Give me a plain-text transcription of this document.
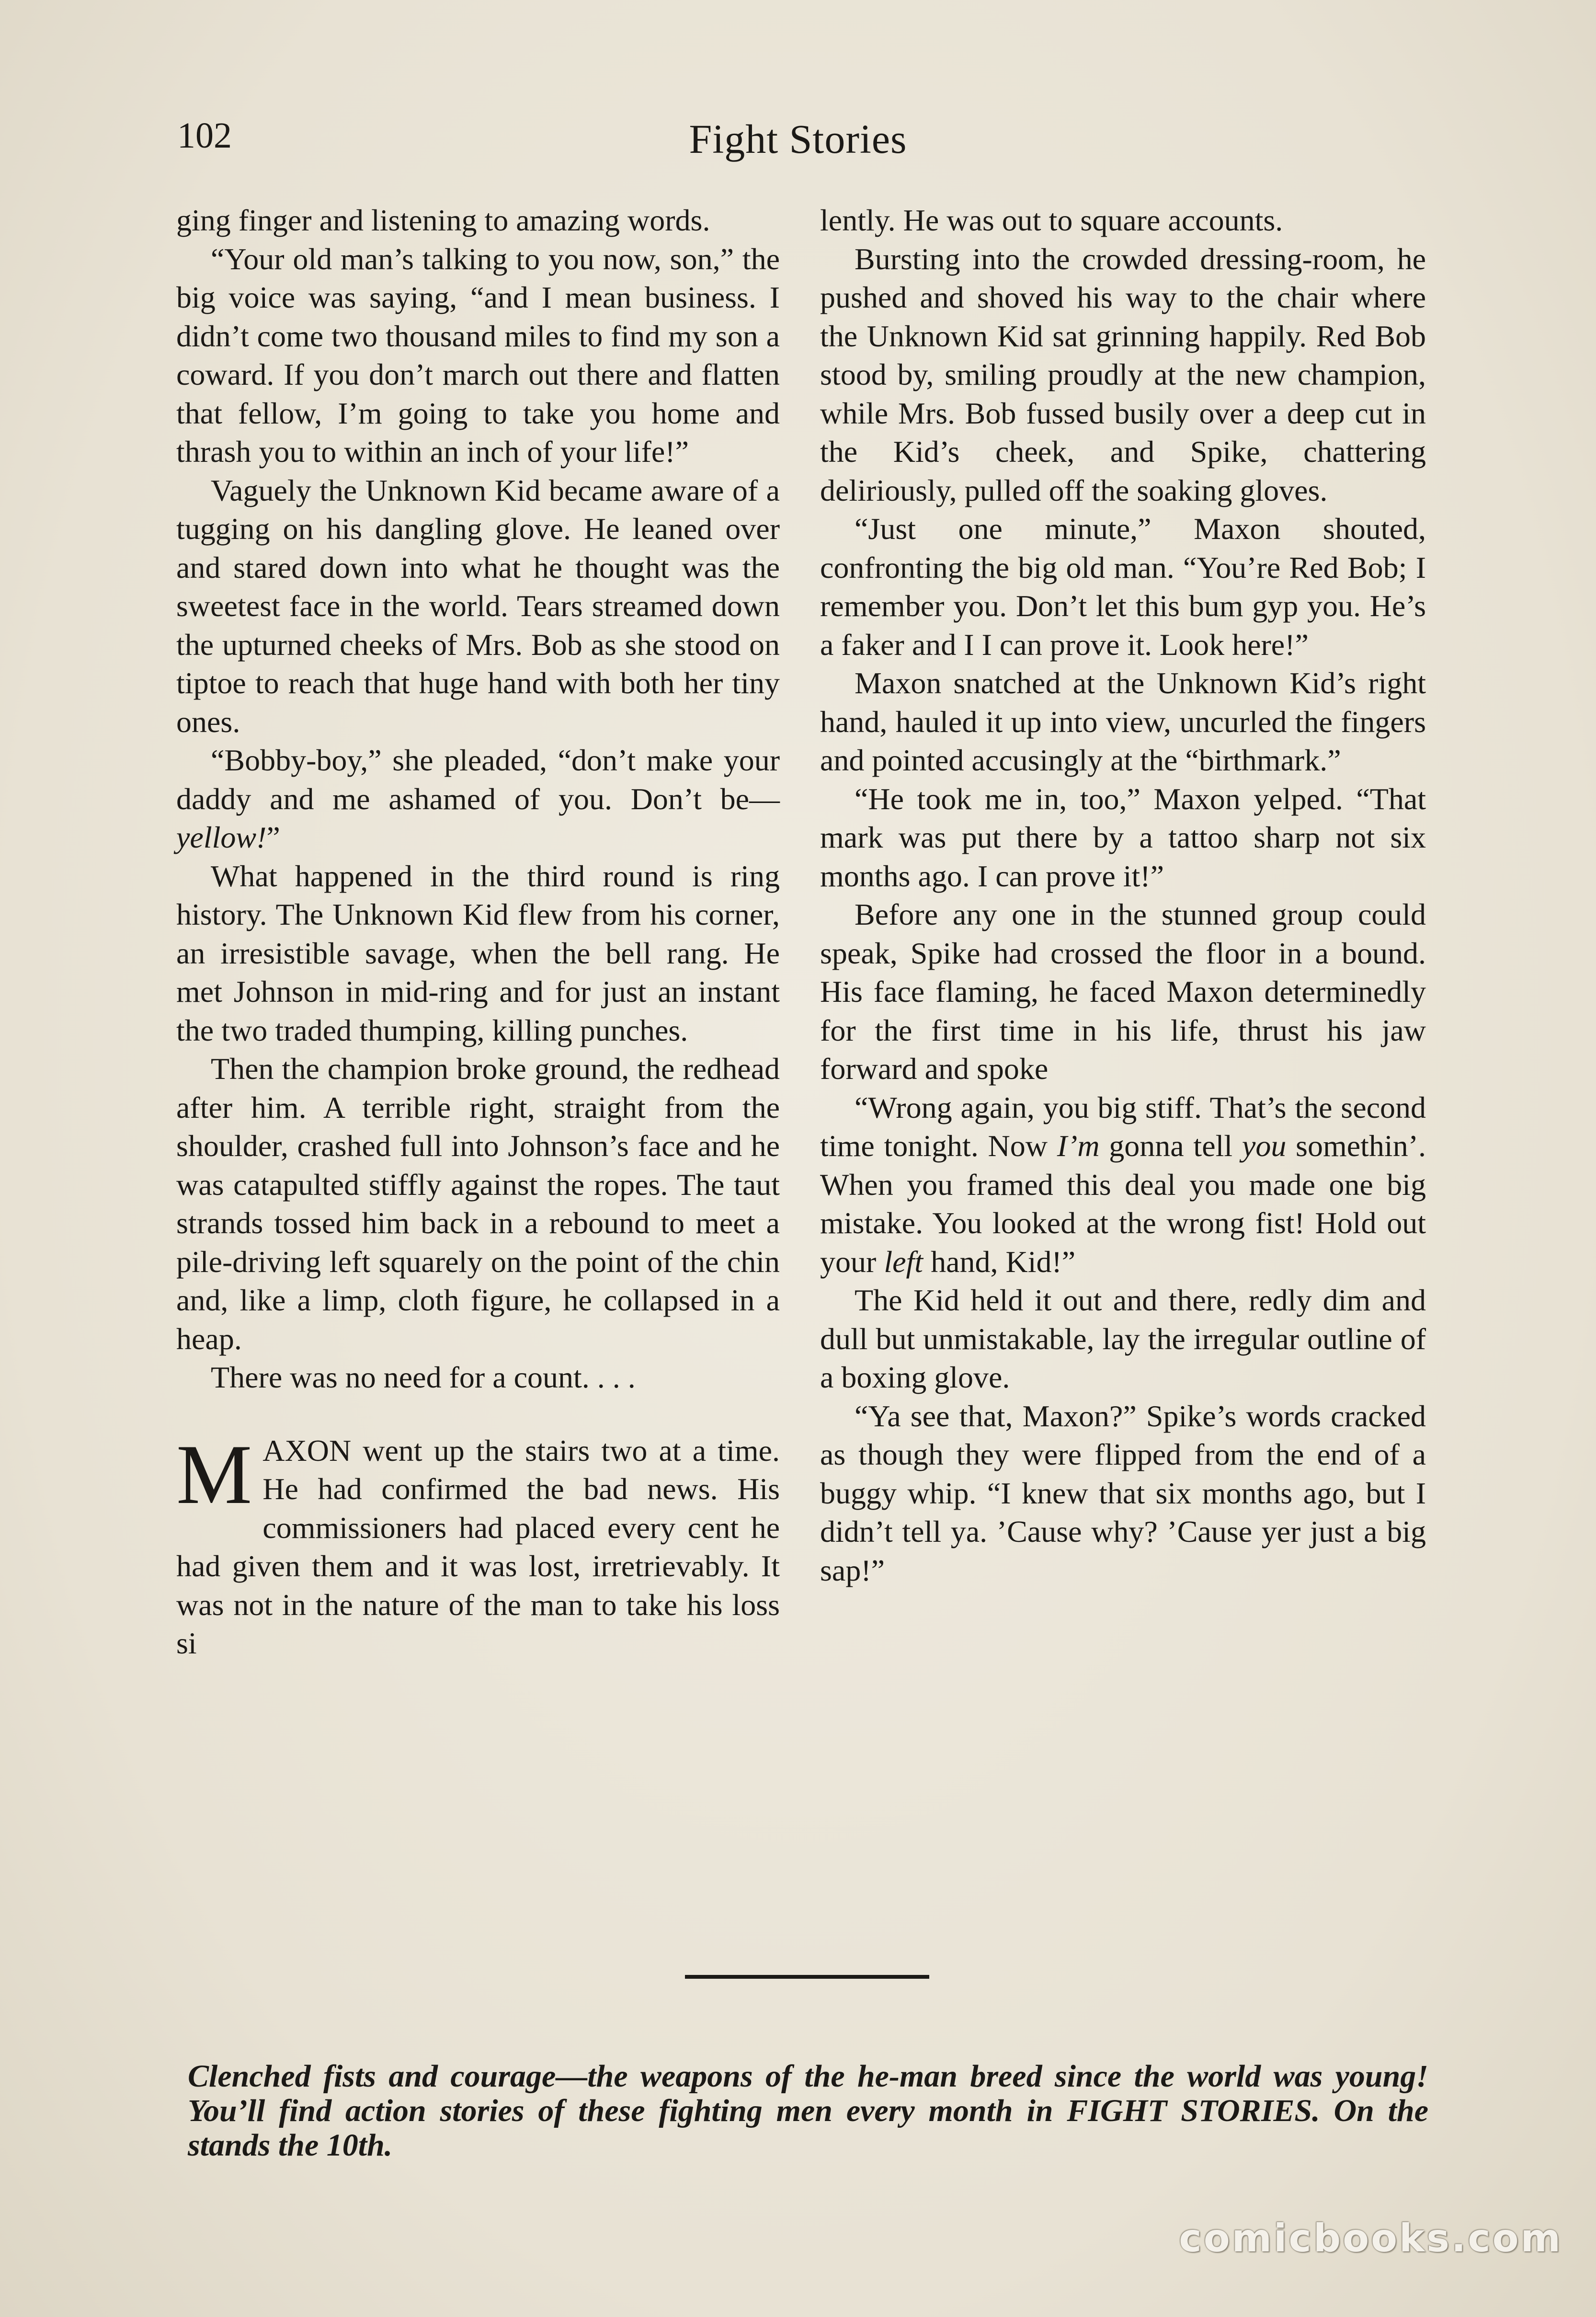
102	Fight Stories

ging finger and listening to amazing words.

“Your old man’s talking to you now, son,” the big voice was saying, “and I mean business. I didn’t come two thousand miles to find my son a coward. If you don’t march out there and flatten that fellow, I’m going to take you home and thrash you to within an inch of your life!”

Vaguely the Unknown Kid became aware of a tugging on his dangling glove. He leaned over and stared down into what he thought was the sweetest face in the world. Tears streamed down the upturned cheeks of Mrs. Bob as she stood on tiptoe to reach that huge hand with both her tiny ones.

“Bobby-boy,” she pleaded, “don’t make your daddy and me ashamed of you. Don’t be—yellow!”

What happened in the third round is ring history. The Unknown Kid flew from his corner, an irresistible savage, when the bell rang. He met Johnson in mid-ring and for just an instant the two traded thumping, killing punches.

Then the champion broke ground, the redhead after him. A terrible right, straight from the shoulder, crashed full into Johnson’s face and he was catapulted stiffly against the ropes. The taut strands tossed him back in a rebound to meet a pile-driving left squarely on the point of the chin and, like a limp, cloth figure, he collapsed in a heap.

There was no need for a count. . . .

MAXON went up the stairs two at a time. He had confirmed the bad news. His commissioners had placed every cent he had given them and it was lost, irretrievably. It was not in the nature of the man to take his loss si

lently. He was out to square accounts.

Bursting into the crowded dressing-room, he pushed and shoved his way to the chair where the Unknown Kid sat grinning happily. Red Bob stood by, smiling proudly at the new champion, while Mrs. Bob fussed busily over a deep cut in the Kid’s cheek, and Spike, chattering deliriously, pulled off the soaking gloves.

“Just one minute,” Maxon shouted, confronting the big old man. “You’re Red Bob; I remember you. Don’t let this bum gyp you. He’s a faker and I I can prove it. Look here!”

Maxon snatched at the Unknown Kid’s right hand, hauled it up into view, uncurled the fingers and pointed accusingly at the “birthmark.”

“He took me in, too,” Maxon yelped. “That mark was put there by a tattoo sharp not six months ago. I can prove it!”

Before any one in the stunned group could speak, Spike had crossed the floor in a bound. His face flaming, he faced Maxon determinedly for the first time in his life, thrust his jaw forward and spoke

“Wrong again, you big stiff. That’s the second time tonight. Now I’m gonna tell you somethin’. When you framed this deal you made one big mistake. You looked at the wrong fist! Hold out your left hand, Kid!”

The Kid held it out and there, redly dim and dull but unmistakable, lay the irregular outline of a boxing glove.

“Ya see that, Maxon?” Spike’s words cracked as though they were flipped from the end of a buggy whip. “I knew that six months ago, but I didn’t tell ya. ’Cause why? ’Cause yer just a big sap!”

Clenched fists and courage—the weapons of the he-man breed since the world was young! You’ll find action stories of these fighting men every month in FIGHT STORIES. On the stands the 10th.
comicbooks.com
